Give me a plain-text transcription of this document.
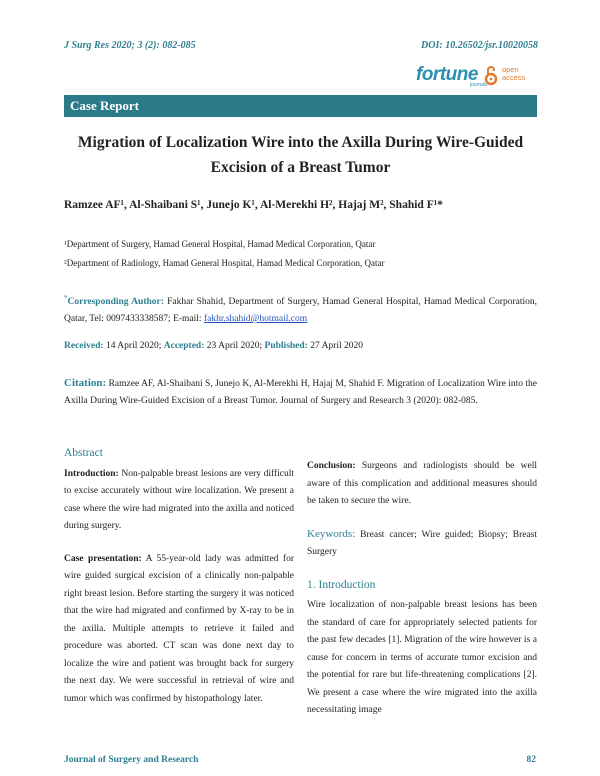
J Surg Res 2020; 3 (2): 082-085	DOI: 10.26502/jsr.10020058
fortune
journals
open
access
Case Report
Migration of Localization Wire into the Axilla During Wire-Guided Excision of a Breast Tumor
Ramzee AF¹, Al-Shaibani S¹, Junejo K¹, Al-Merekhi H², Hajaj M², Shahid F¹*
¹Department of Surgery, Hamad General Hospital, Hamad Medical Corporation, Qatar
²Department of Radiology, Hamad General Hospital, Hamad Medical Corporation, Qatar
*Corresponding Author: Fakhar Shahid, Department of Surgery, Hamad General Hospital, Hamad Medical Corporation, Qatar, Tel: 0097433338587; E-mail: fakhr.shahid@hotmail.com
Received: 14 April 2020; Accepted: 23 April 2020; Published: 27 April 2020
Citation: Ramzee AF, Al-Shaibani S, Junejo K, Al-Merekhi H, Hajaj M, Shahid F. Migration of Localization Wire into the Axilla During Wire-Guided Excision of a Breast Tumor. Journal of Surgery and Research 3 (2020): 082-085.
Abstract

Introduction: Non-palpable breast lesions are very difficult to excise accurately without wire localization. We present a case where the wire had migrated into the axilla and noticed during surgery.

Case presentation: A 55-year-old lady was admitted for wire guided surgical excision of a clinically non-palpable right breast lesion. Before starting the surgery it was noticed that the wire had migrated and confirmed by X-ray to be in the axilla. Multiple attempts to retrieve it failed and procedure was aborted. CT scan was done next day to localize the wire and patient was brought back for surgery the next day. We were successful in retrieval of wire and tumor which was confirmed by histopathology later.

Conclusion: Surgeons and radiologists should be well aware of this complication and additional measures should be taken to secure the wire.

Keywords: Breast cancer; Wire guided; Biopsy; Breast Surgery

1. Introduction

Wire localization of non-palpable breast lesions has been the standard of care for appropriately selected patients for the past few decades [1]. Migration of the wire however is a cause for concern in terms of accurate tumor excision and the potential for rare but life-threatening complications [2]. We present a case where the wire migrated into the axilla necessitating image

Journal of Surgery and Research	82
